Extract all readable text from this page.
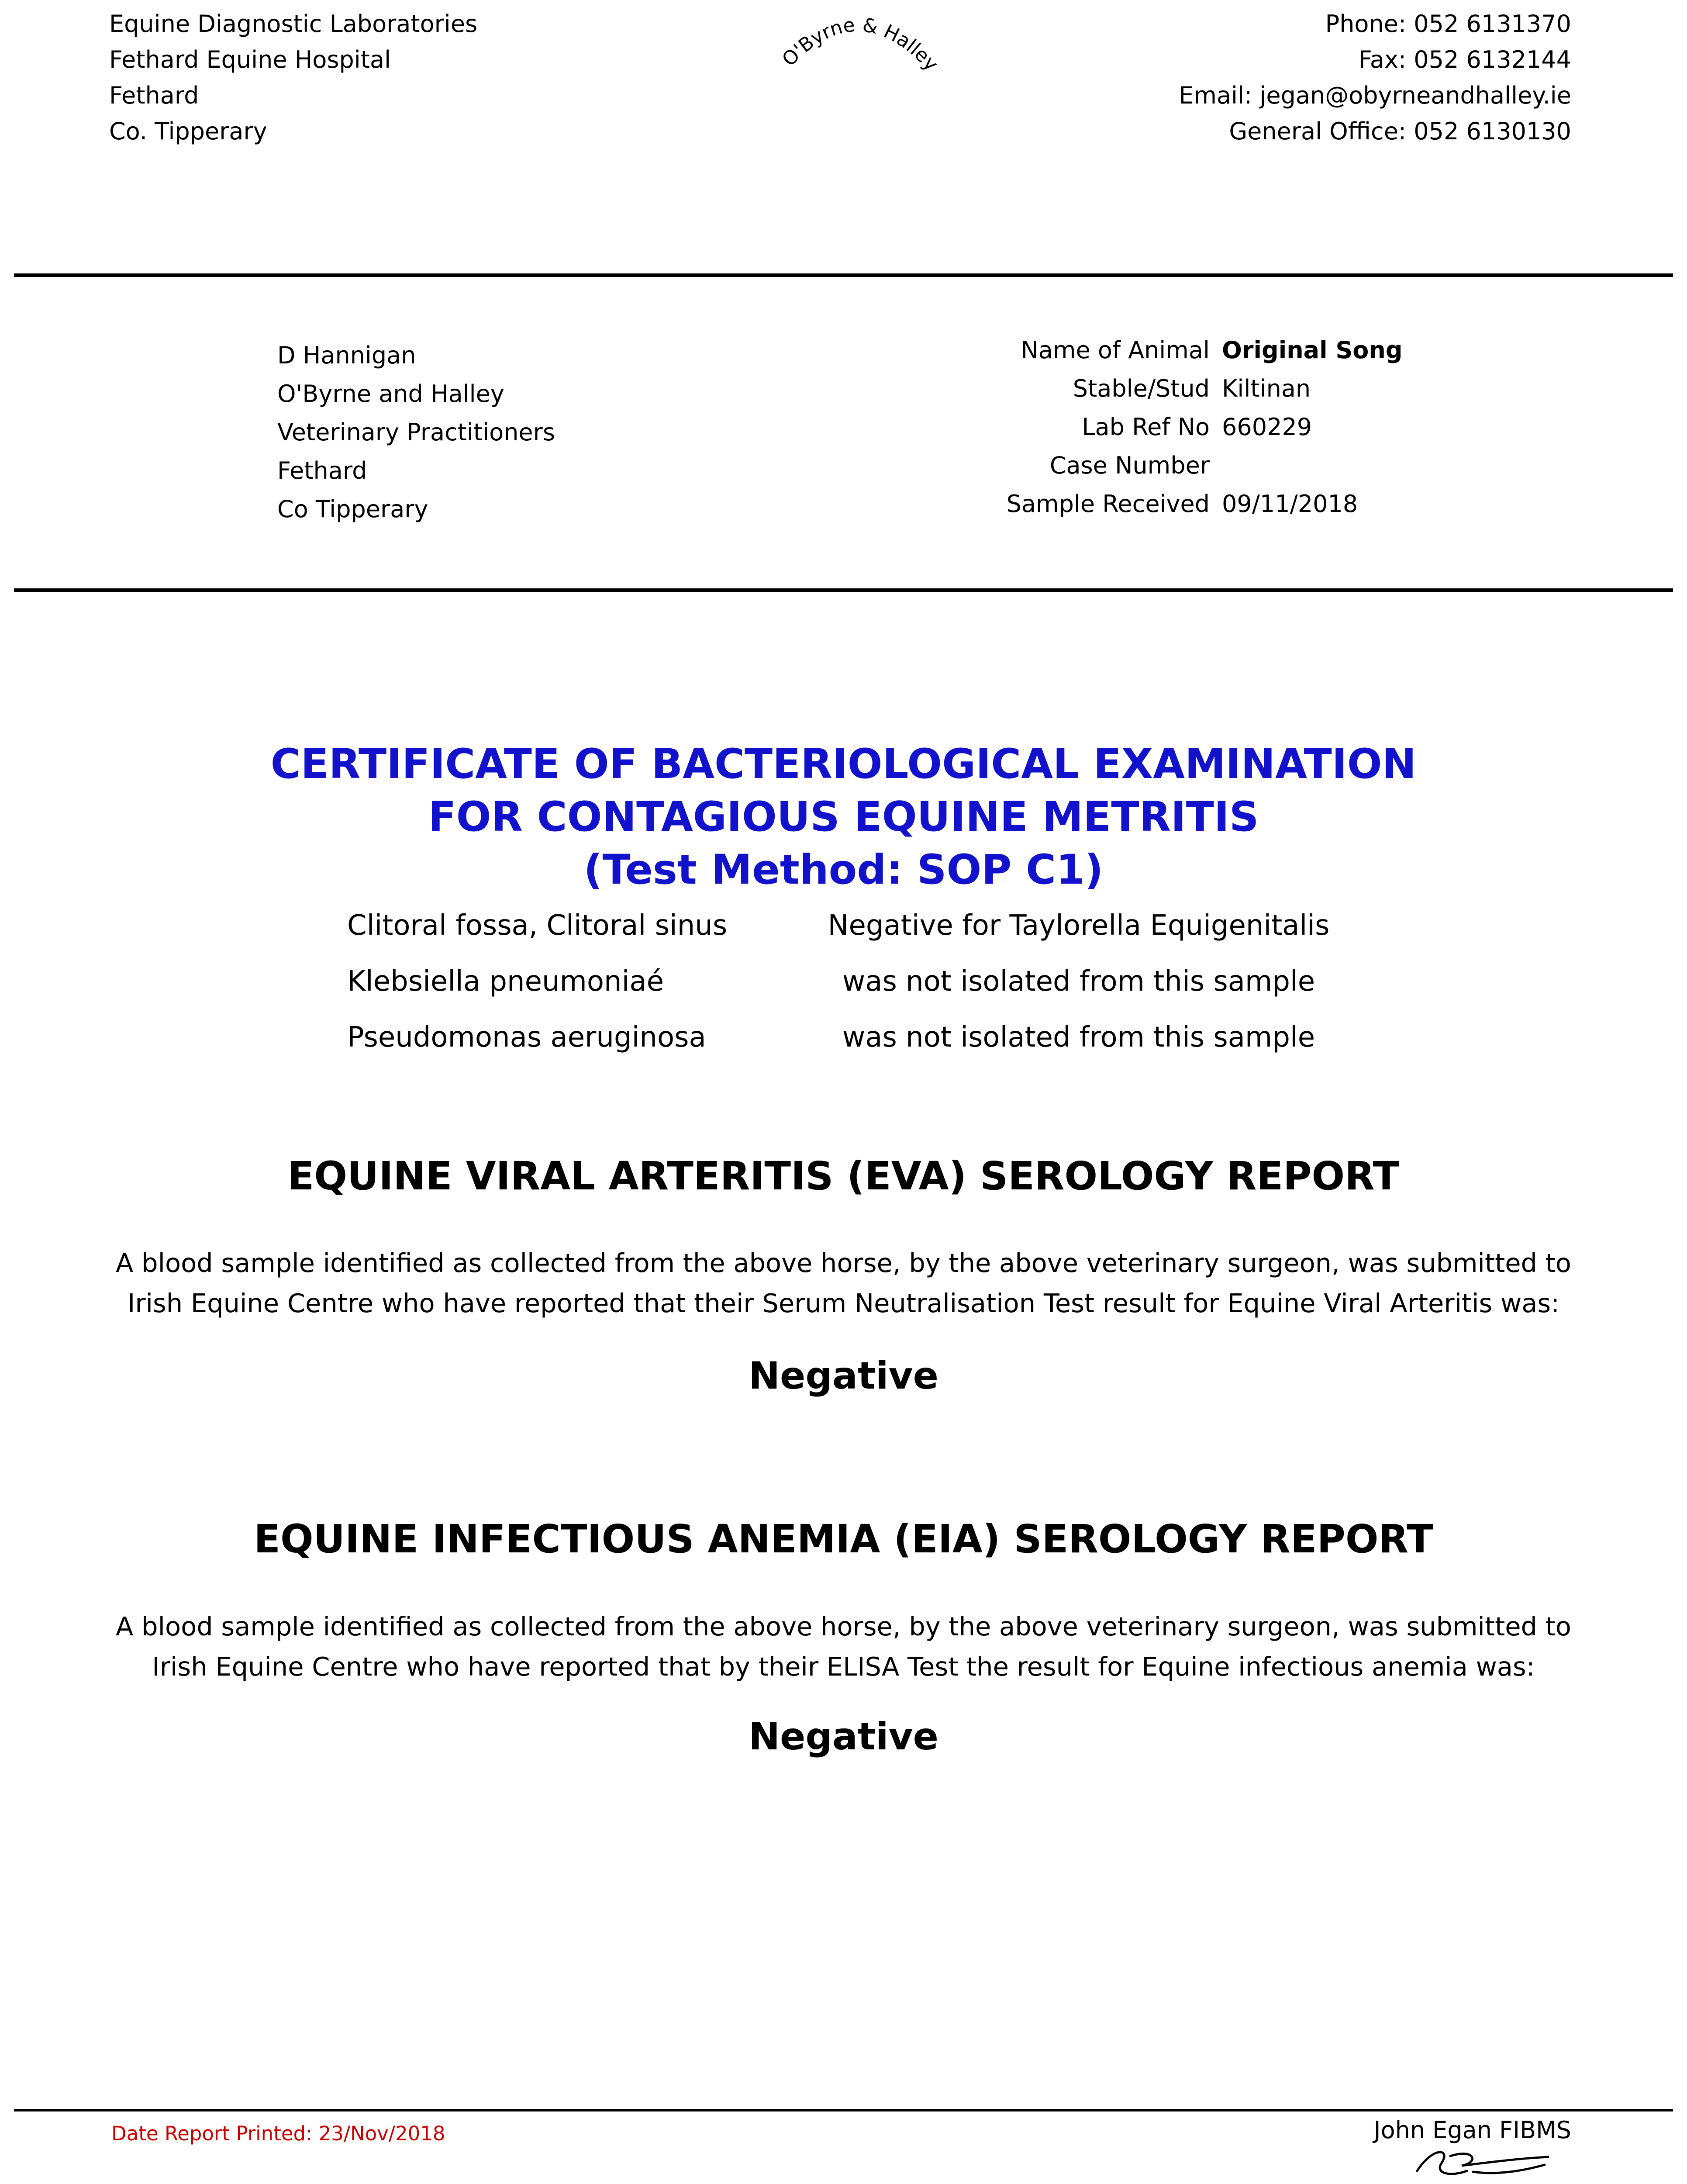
Equine Diagnostic Laboratories
Fethard Equine Hospital
Fethard
Co. Tipperary
O'Byrne & Halley
Phone: 052 6131370
Fax: 052 6132144
Email: jegan@obyrneandhalley.ie
General Office: 052 6130130
D Hannigan
O'Byrne and Halley
Veterinary Practitioners
Fethard
Co Tipperary
Name of Animal Original Song
Stable/Stud Kiltinan
Lab Ref No 660229
Case Number
Sample Received 09/11/2018
CERTIFICATE OF BACTERIOLOGICAL EXAMINATION
FOR CONTAGIOUS EQUINE METRITIS
(Test Method: SOP C1)
Clitoral fossa, Clitoral sinus	Negative for Taylorella Equigenitalis
Klebsiella pneumoniaé	was not isolated from this sample
Pseudomonas aeruginosa	was not isolated from this sample
EQUINE VIRAL ARTERITIS (EVA) SEROLOGY REPORT
A blood sample identified as collected from the above horse, by the above veterinary surgeon, was submitted to
Irish Equine Centre who have reported that their Serum Neutralisation Test result for Equine Viral Arteritis was:
Negative
EQUINE INFECTIOUS ANEMIA (EIA) SEROLOGY REPORT
A blood sample identified as collected from the above horse, by the above veterinary surgeon, was submitted to
Irish Equine Centre who have reported that by their ELISA Test the result for Equine infectious anemia was:
Negative
Date Report Printed: 23/Nov/2018	John Egan FIBMS
